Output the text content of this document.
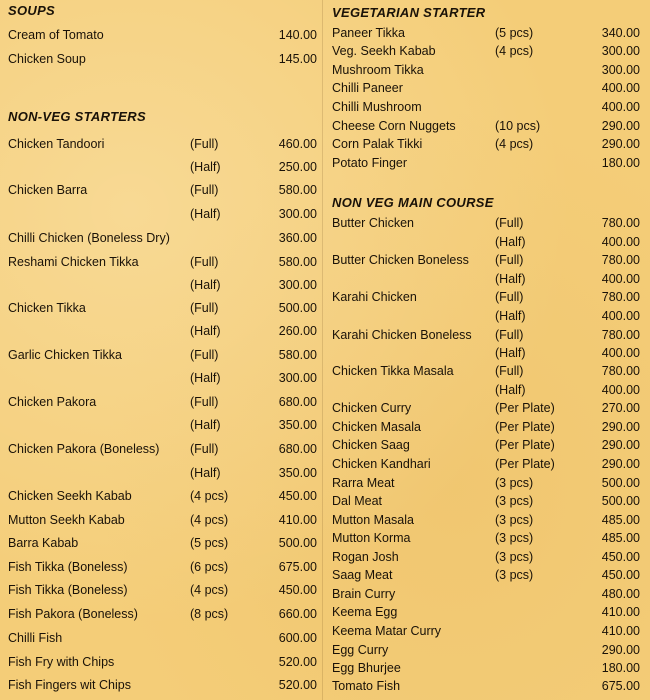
SOUPS
Cream of Tomato	140.00
Chicken Soup	145.00
NON-VEG STARTERS
Chicken Tandoori	(Full)	460.00
(Half)	250.00
Chicken Barra	(Full)	580.00
(Half)	300.00
Chilli Chicken (Boneless Dry)	360.00
Reshami Chicken Tikka	(Full)	580.00
(Half)	300.00
Chicken Tikka	(Full)	500.00
(Half)	260.00
Garlic Chicken Tikka	(Full)	580.00
(Half)	300.00
Chicken Pakora	(Full)	680.00
(Half)	350.00
Chicken Pakora (Boneless) (Full)	680.00
(Half)	350.00
Chicken Seekh Kabab	(4 pcs)	450.00
Mutton Seekh Kabab	(4 pcs)	410.00
Barra Kabab	(5 pcs)	500.00
Fish Tikka (Boneless)	(6 pcs)	675.00
Fish Tikka (Boneless)	(4 pcs)	450.00
Fish Pakora (Boneless)	(8 pcs)	660.00
Chilli Fish	600.00
Fish Fry with Chips	520.00
Fish Fingers wit Chips	520.00
VEGETARIAN STARTER
Paneer Tikka	(5 pcs)	340.00
Veg. Seekh Kabab	(4 pcs)	300.00
Mushroom Tikka	300.00
Chilli Paneer	400.00
Chilli Mushroom	400.00
Cheese Corn Nuggets	(10 pcs)	290.00
Corn Palak Tikki	(4 pcs)	290.00
Potato Finger	180.00
NON VEG MAIN COURSE
Butter Chicken	(Full)	780.00
(Half)	400.00
Butter Chicken Boneless (Full)	780.00
(Half)	400.00
Karahi Chicken	(Full)	780.00
(Half)	400.00
Karahi Chicken Boneless (Full)	780.00
(Half)	400.00
Chicken Tikka Masala	(Full)	780.00
(Half)	400.00
Chicken Curry	(Per Plate)	270.00
Chicken Masala	(Per Plate)	290.00
Chicken Saag	(Per Plate)	290.00
Chicken Kandhari	(Per Plate)	290.00
Rarra Meat	(3 pcs)	500.00
Dal Meat	(3 pcs)	500.00
Mutton Masala	(3 pcs)	485.00
Mutton Korma	(3 pcs)	485.00
Rogan Josh	(3 pcs)	450.00
Saag Meat	(3 pcs)	450.00
Brain Curry	480.00
Keema Egg	410.00
Keema Matar Curry	410.00
Egg Curry	290.00
Egg Bhurjee	180.00
Tomato Fish	675.00
